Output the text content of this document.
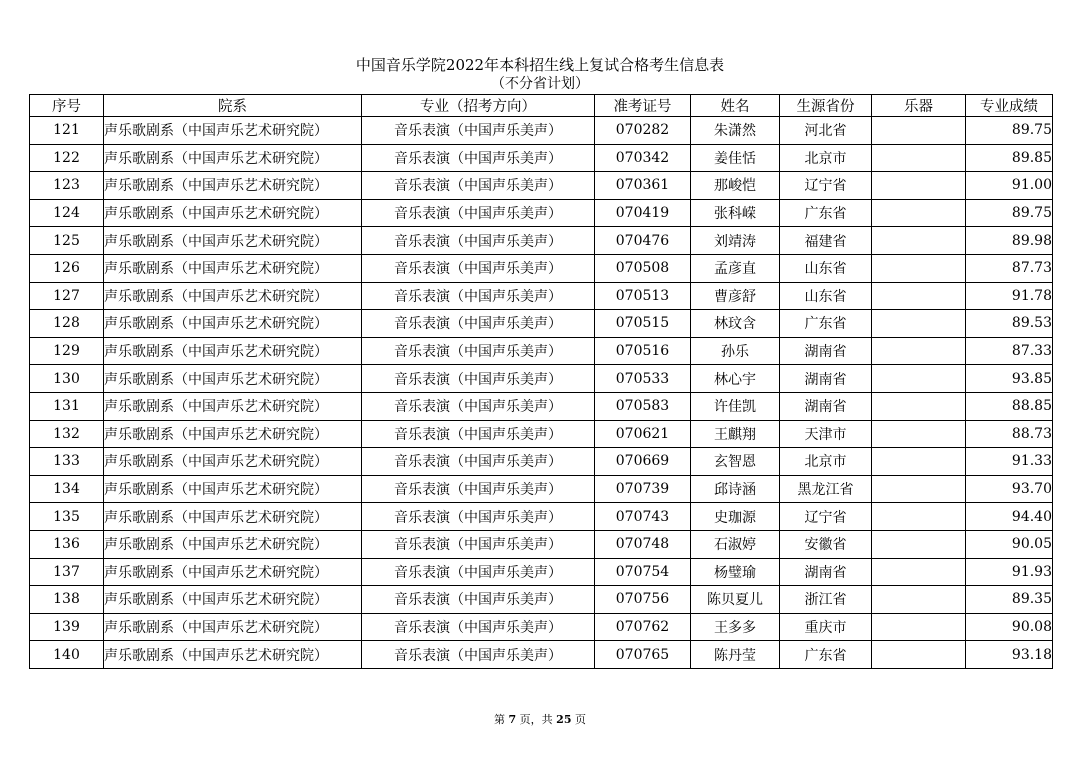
中国音乐学院2022年本科招生线上复试合格考生信息表
（不分省计划）
序号	院系	专业（招考方向）	准考证号	姓名	生源省份	乐器	专业成绩
121	声乐歌剧系（中国声乐艺术研究院）	音乐表演（中国声乐美声）	070282	朱潇然	河北省		89.75
122	声乐歌剧系（中国声乐艺术研究院）	音乐表演（中国声乐美声）	070342	姜佳恬	北京市		89.85
123	声乐歌剧系（中国声乐艺术研究院）	音乐表演（中国声乐美声）	070361	那峻恺	辽宁省		91.00
124	声乐歌剧系（中国声乐艺术研究院）	音乐表演（中国声乐美声）	070419	张科嵘	广东省		89.75
125	声乐歌剧系（中国声乐艺术研究院）	音乐表演（中国声乐美声）	070476	刘靖涛	福建省		89.98
126	声乐歌剧系（中国声乐艺术研究院）	音乐表演（中国声乐美声）	070508	孟彦直	山东省		87.73
127	声乐歌剧系（中国声乐艺术研究院）	音乐表演（中国声乐美声）	070513	曹彦舒	山东省		91.78
128	声乐歌剧系（中国声乐艺术研究院）	音乐表演（中国声乐美声）	070515	林玟含	广东省		89.53
129	声乐歌剧系（中国声乐艺术研究院）	音乐表演（中国声乐美声）	070516	孙乐	湖南省		87.33
130	声乐歌剧系（中国声乐艺术研究院）	音乐表演（中国声乐美声）	070533	林心宇	湖南省		93.85
131	声乐歌剧系（中国声乐艺术研究院）	音乐表演（中国声乐美声）	070583	许佳凯	湖南省		88.85
132	声乐歌剧系（中国声乐艺术研究院）	音乐表演（中国声乐美声）	070621	王麒翔	天津市		88.73
133	声乐歌剧系（中国声乐艺术研究院）	音乐表演（中国声乐美声）	070669	玄智恩	北京市		91.33
134	声乐歌剧系（中国声乐艺术研究院）	音乐表演（中国声乐美声）	070739	邱诗涵	黑龙江省		93.70
135	声乐歌剧系（中国声乐艺术研究院）	音乐表演（中国声乐美声）	070743	史珈源	辽宁省		94.40
136	声乐歌剧系（中国声乐艺术研究院）	音乐表演（中国声乐美声）	070748	石淑婷	安徽省		90.05
137	声乐歌剧系（中国声乐艺术研究院）	音乐表演（中国声乐美声）	070754	杨璧瑜	湖南省		91.93
138	声乐歌剧系（中国声乐艺术研究院）	音乐表演（中国声乐美声）	070756	陈贝夏儿	浙江省		89.35
139	声乐歌剧系（中国声乐艺术研究院）	音乐表演（中国声乐美声）	070762	王多多	重庆市		90.08
140	声乐歌剧系（中国声乐艺术研究院）	音乐表演（中国声乐美声）	070765	陈丹莹	广东省		93.18
第 7 页，共 25 页
